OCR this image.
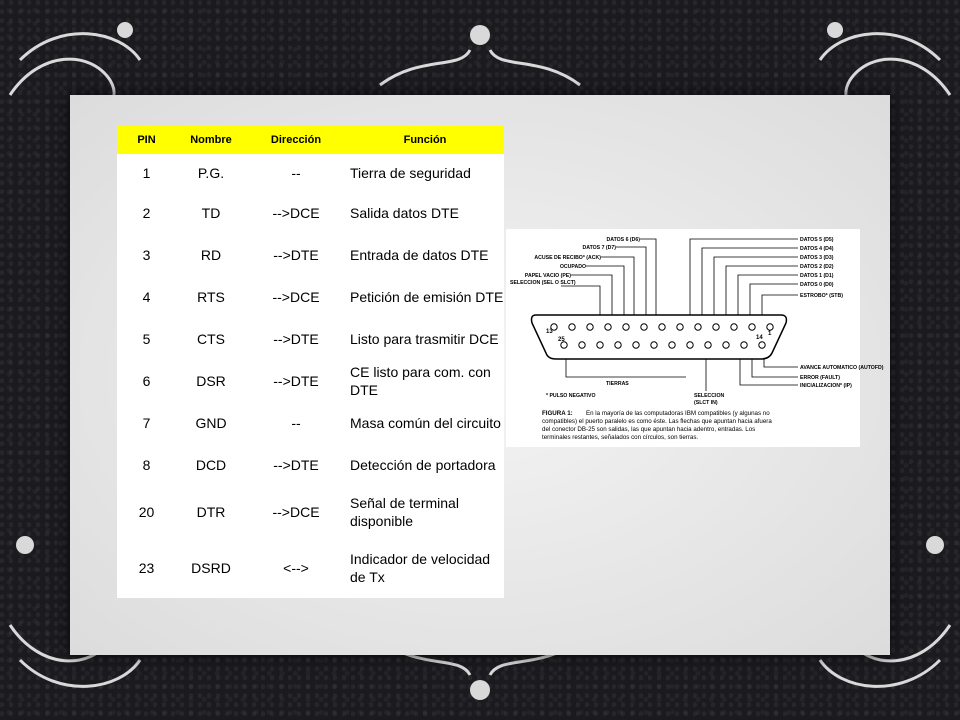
PIN	Nombre	Dirección	Función
1	P.G.	--	Tierra de seguridad
2	TD	-->DCE	Salida datos DTE
3	RD	-->DTE	Entrada de datos DTE
4	RTS	-->DCE	Petición de emisión DTE
5	CTS	-->DTE	Listo para trasmitir DCE
6	DSR	-->DTE	CE listo para com. con DTE
7	GND	--	Masa común del circuito
8	DCD	-->DTE	Detección de portadora
20	DTR	-->DCE	Señal de terminal disponible
23	DSRD	<-->	Indicador de velocidad de Tx
DATOS 6 (D6)
DATOS 7 (D7)
ACUSE DE RECIBO* (ACK)
OCUPADO
PAPEL VACIO (PE)
SELECCION (SEL O SLCT)
DATOS 5 (D5)
DATOS 4 (D4)
DATOS 3 (D3)
DATOS 2 (D2)
DATOS 1 (D1)
DATOS 0 (D0)
ESTROBO* (STB)
AVANCE AUTOMATICO (AUTOFD)
ERROR (FAULT)
INICIALIZACION* (IP)
TIERRAS
SELECCION
(SLCT IN)
* PULSO NEGATIVO
13	1
25	14
FIGURA 1: En la mayoría de las computadoras IBM compatibles (y algunas no
compatibles) el puerto paralelo es como éste. Las flechas que apuntan hacia afuera
del conector DB-25 son salidas, las que apuntan hacia adentro, entradas. Los
terminales restantes, señalados con círculos, son tierras.
